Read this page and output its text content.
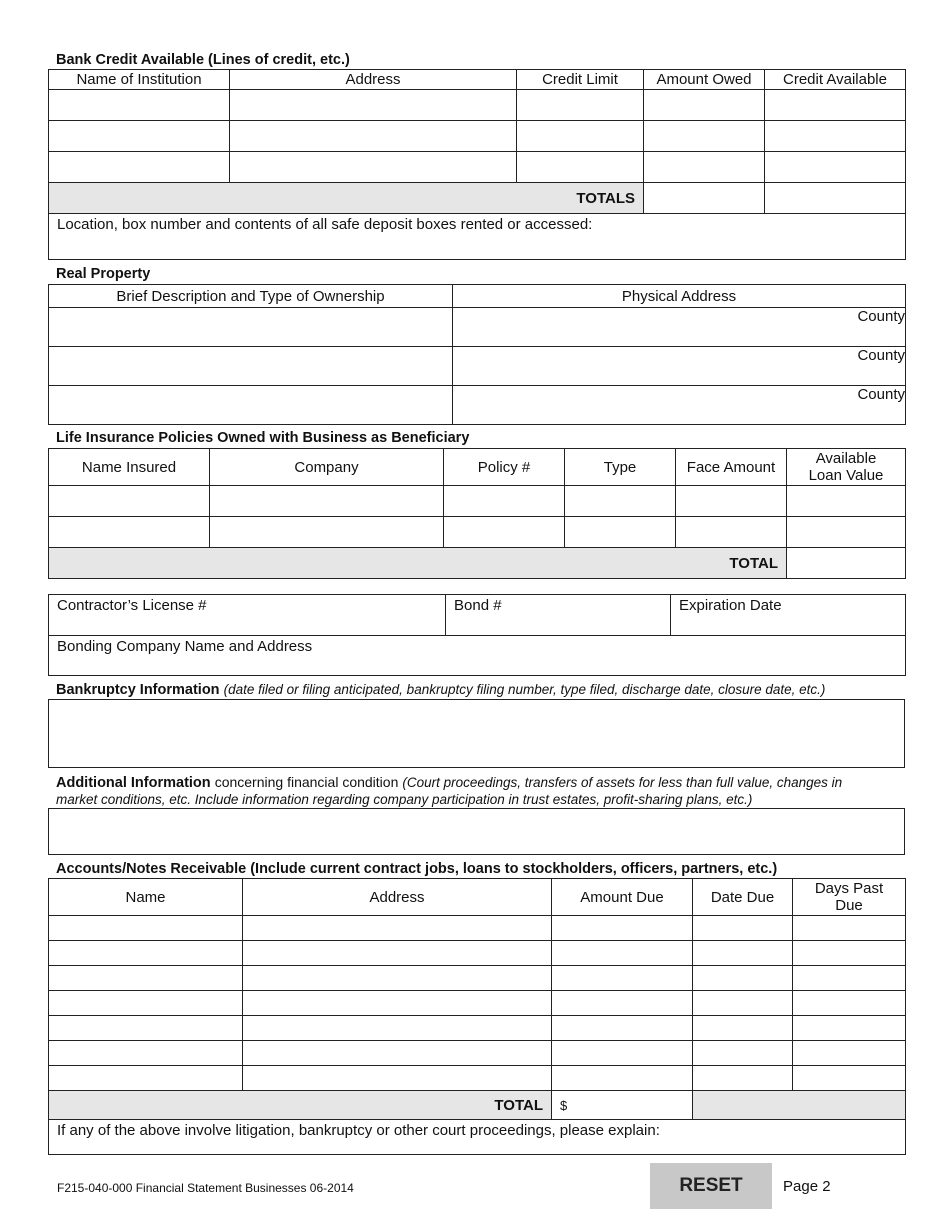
Bank Credit Available (Lines of credit, etc.)
Name of Institution	Address	Credit Limit	Amount Owed	Credit Available

TOTALS				
Location, box number and contents of all safe deposit boxes rented or accessed:				
Real Property
Brief Description and Type of Ownership	Physical Address
	County
	County
	County
Life Insurance Policies Owned with Business as Beneficiary
Name Insured	Company	Policy #	Type	Face Amount	Available Loan Value

TOTAL					
Contractor’s License #	Bond #	Expiration Date
Bonding Company Name and Address
Bankruptcy Information (date filed or filing anticipated, bankruptcy filing number, type filed, discharge date, closure date, etc.)
Additional Information concerning financial condition (Court proceedings, transfers of assets for less than full value, changes in
market conditions, etc. Include information regarding company participation in trust estates, profit-sharing plans, etc.)
Accounts/Notes Receivable (Include current contract jobs, loans to stockholders, officers, partners, etc.)
Name	Address	Amount Due	Date Due	Days Past Due

TOTAL		$		
If any of the above involve litigation, bankruptcy or other court proceedings, please explain:				
F215-040-000 Financial Statement Businesses 06-2014	RESET	Page 2
